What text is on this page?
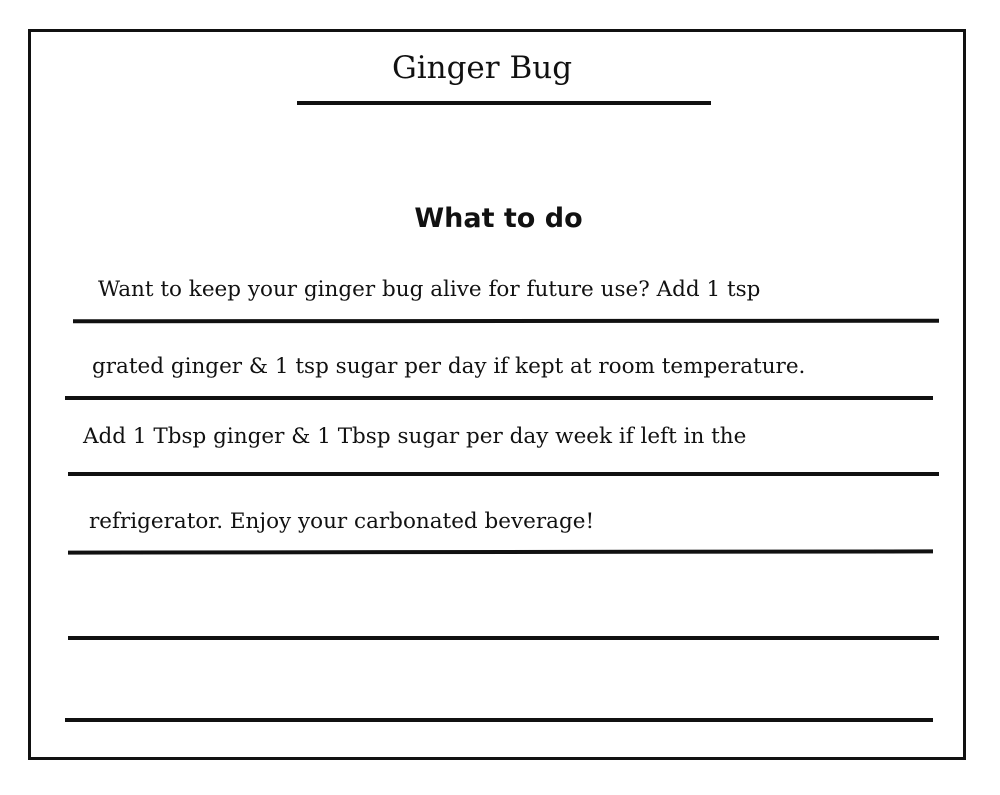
Ginger Bug
What to do
Want to keep your ginger bug alive for future use? Add 1 tsp
grated ginger & 1 tsp sugar per day if kept at room temperature.
Add 1 Tbsp ginger & 1 Tbsp sugar per day week if left in the
refrigerator. Enjoy your carbonated beverage!
